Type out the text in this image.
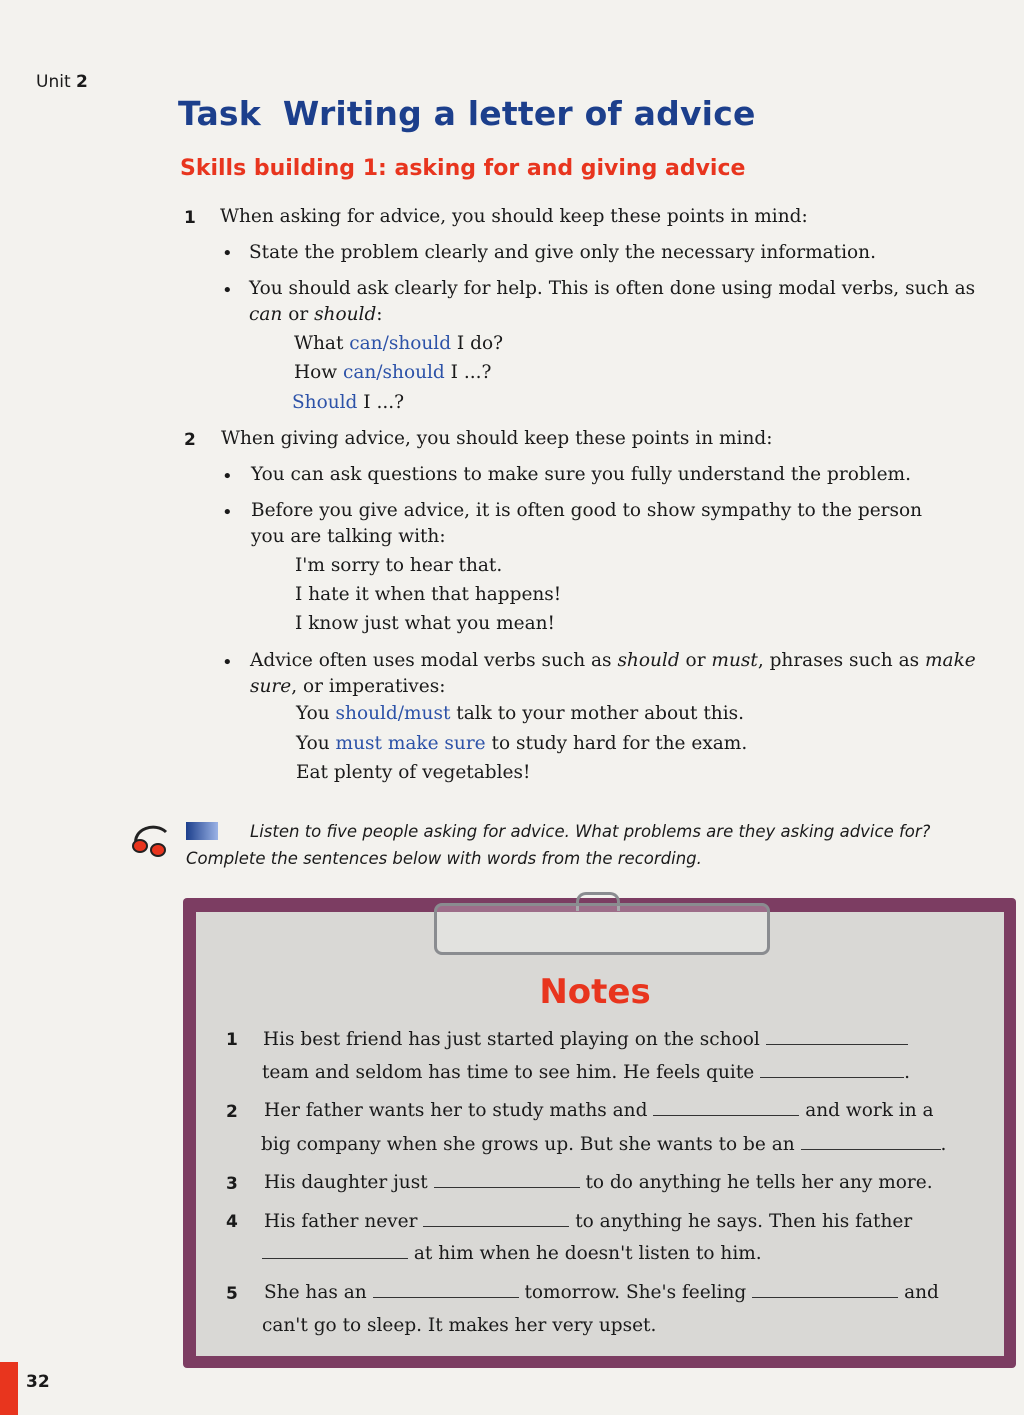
Unit 2
Task Writing a letter of advice
Skills building 1: asking for and giving advice
1 When asking for advice, you should keep these points in mind:
• State the problem clearly and give only the necessary information.
• You should ask clearly for help. This is often done using modal verbs, such as
can or should:
What can/should I do?
How can/should I ...?
Should I ...?
2 When giving advice, you should keep these points in mind:
• You can ask questions to make sure you fully understand the problem.
• Before you give advice, it is often good to show sympathy to the person
you are talking with:
I'm sorry to hear that.
I hate it when that happens!
I know just what you mean!
• Advice often uses modal verbs such as should or must, phrases such as make
sure, or imperatives:
You should/must talk to your mother about this.
You must make sure to study hard for the exam.
Eat plenty of vegetables!
Listen to five people asking for advice. What problems are they asking advice for?
Complete the sentences below with words from the recording.
Notes
1 His best friend has just started playing on the school
team and seldom has time to see him. He feels quite	.
2 Her father wants her to study maths and	and work in a
big company when she grows up. But she wants to be an	.
3 His daughter just	to do anything he tells her any more.
4 His father never	to anything he says. Then his father
at him when he doesn't listen to him.
5 She has an	tomorrow. She's feeling	and
can't go to sleep. It makes her very upset.
32
